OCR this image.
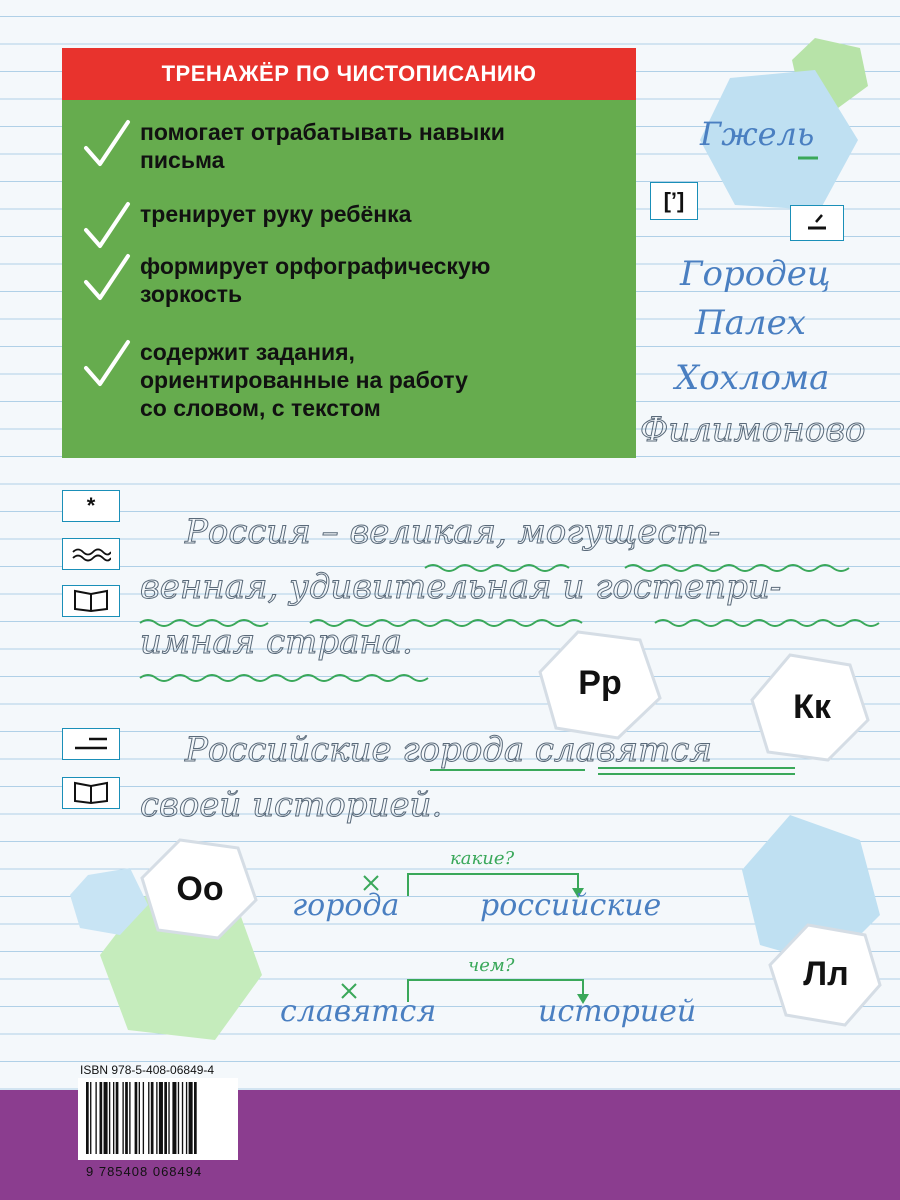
ТРЕНАЖЁР ПО ЧИСТОПИСАНИЮ
помогает отрабатывать навыки
письма
тренирует руку ребёнка
формирует орфографическую
зоркость
содержит задания,
ориентированные на работу
со словом, с текстом
Гжель
[’]
Городец
Палех
Хохлома
Филимоново
*
Россия – великая, могущест-
венная, удивительная и гостепри-
имная страна.
Рр
Кк
Оо
Лл
Российские города славятся
своей историей.
какие?
города	российские
чем?
славятся	историей
ISBN 978-5-408-06849-4
9 785408 068494
